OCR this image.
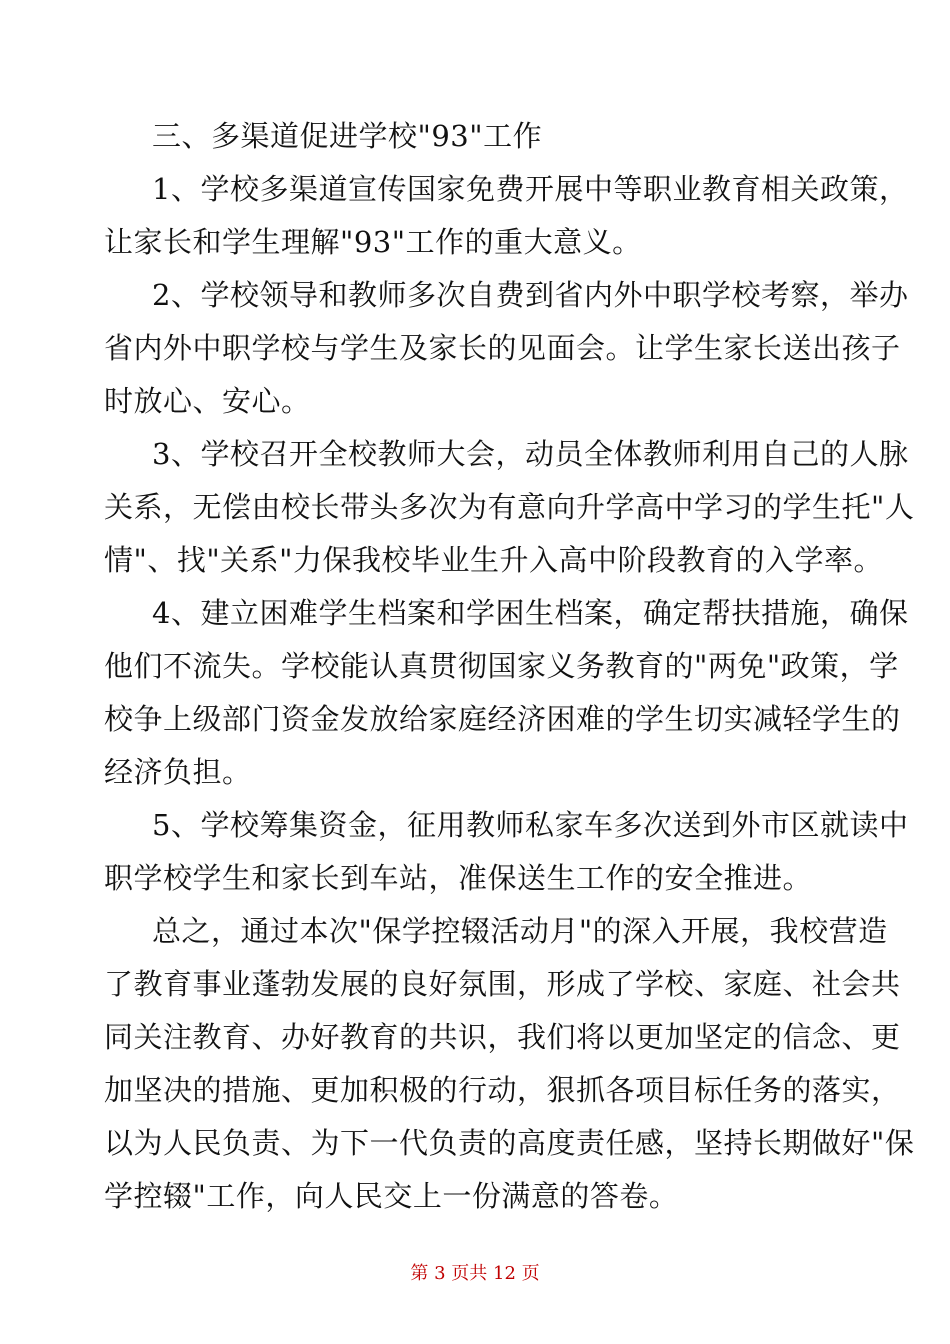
三、多渠道促进学校"93"工作
1、学校多渠道宣传国家免费开展中等职业教育相关政策，
让家长和学生理解"93"工作的重大意义。
2、学校领导和教师多次自费到省内外中职学校考察，举办
省内外中职学校与学生及家长的见面会。让学生家长送出孩子
时放心、安心。
3、学校召开全校教师大会，动员全体教师利用自己的人脉
关系，无偿由校长带头多次为有意向升学高中学习的学生托"人
情"、找"关系"力保我校毕业生升入高中阶段教育的入学率。
4、建立困难学生档案和学困生档案，确定帮扶措施，确保
他们不流失。学校能认真贯彻国家义务教育的"两免"政策，学
校争上级部门资金发放给家庭经济困难的学生切实减轻学生的
经济负担。
5、学校筹集资金，征用教师私家车多次送到外市区就读中
职学校学生和家长到车站，准保送生工作的安全推进。
总之，通过本次"保学控辍活动月"的深入开展，我校营造
了教育事业蓬勃发展的良好氛围，形成了学校、家庭、社会共
同关注教育、办好教育的共识，我们将以更加坚定的信念、更
加坚决的措施、更加积极的行动，狠抓各项目标任务的落实，
以为人民负责、为下一代负责的高度责任感，坚持长期做好"保
学控辍"工作，向人民交上一份满意的答卷。
第 3 页共 12 页
